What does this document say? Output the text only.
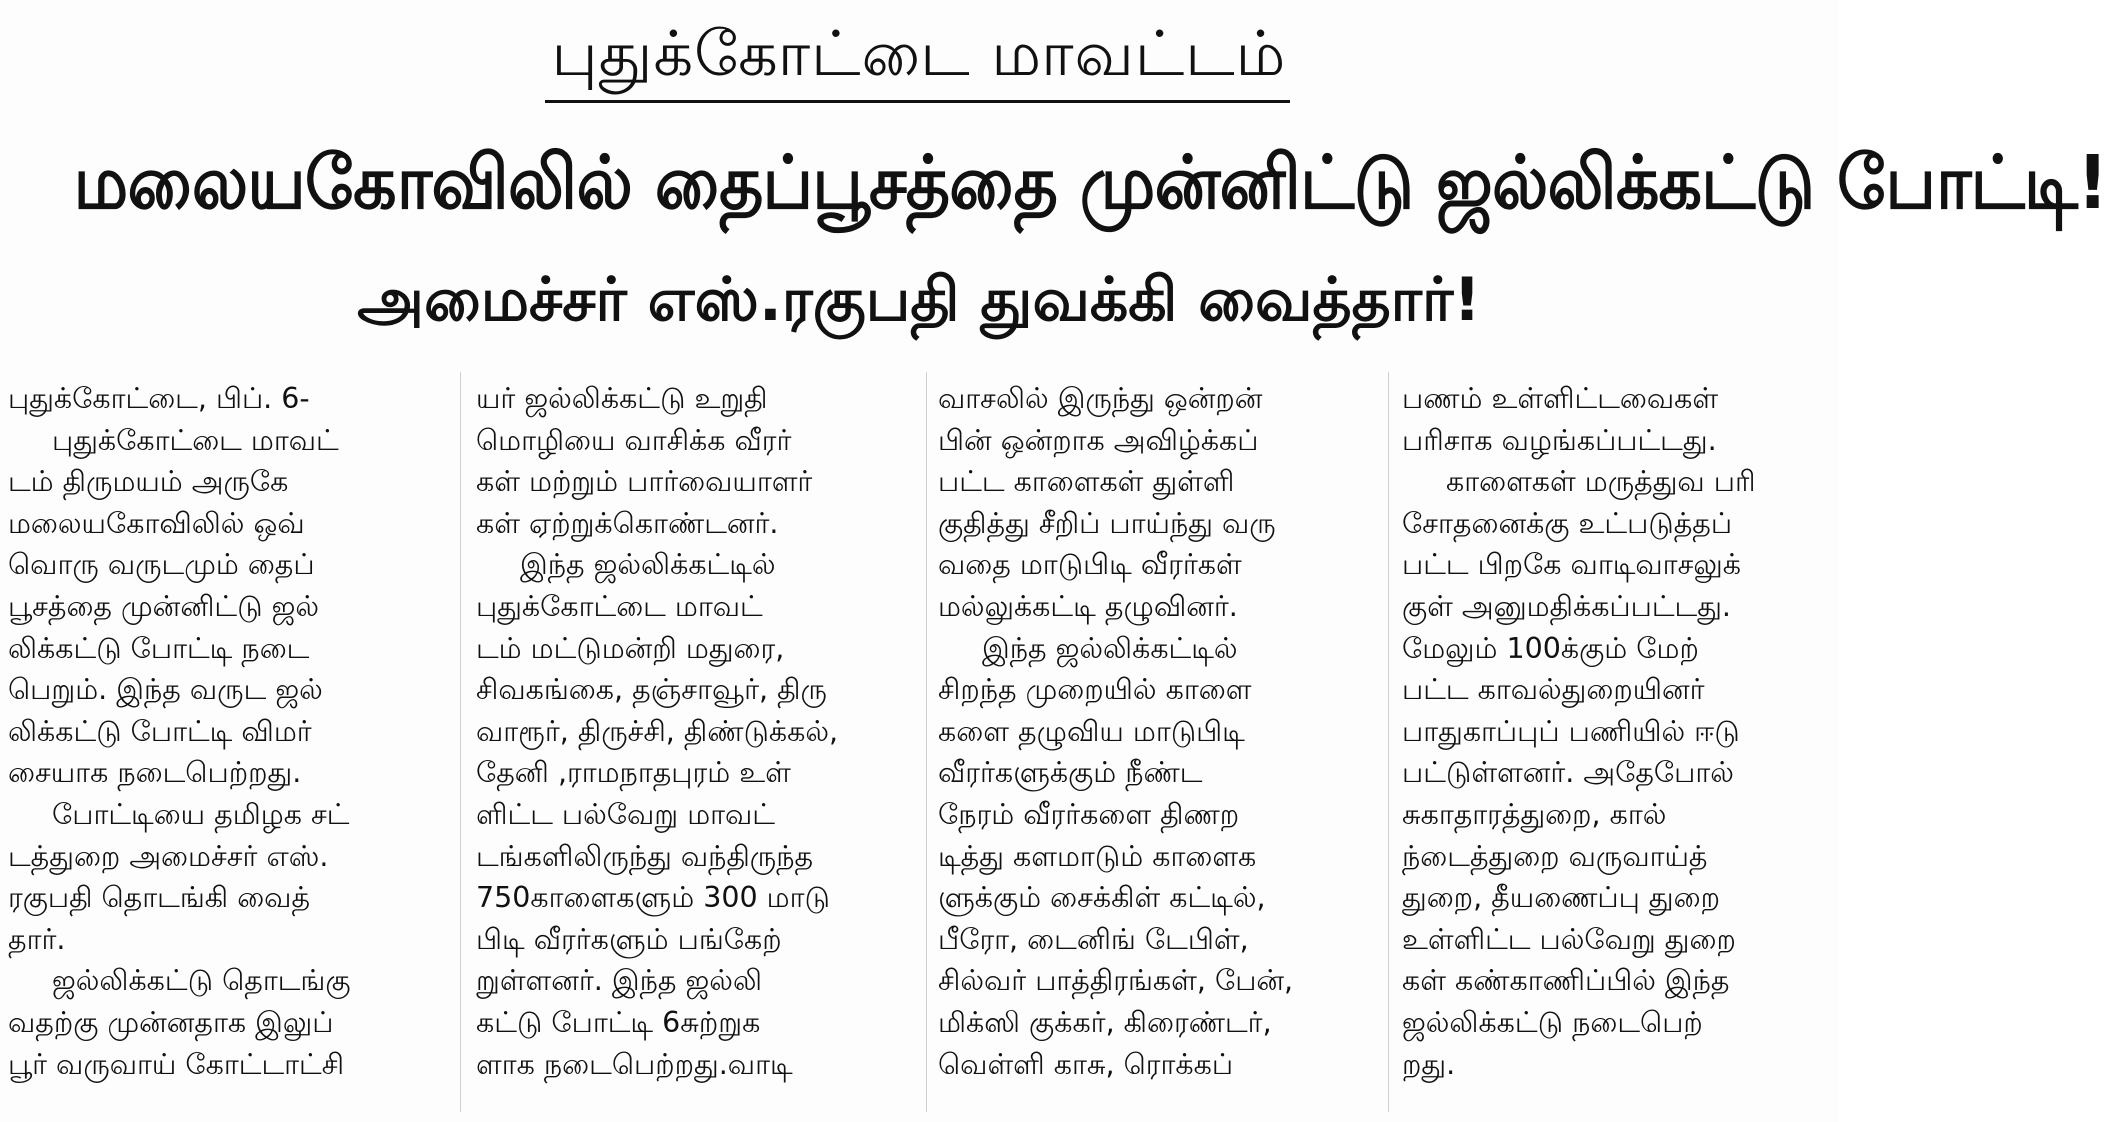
புதுக்கோட்டை மாவட்டம்
மலையகோவிலில் தைப்பூசத்தை முன்னிட்டு ஜல்லிக்கட்டு போட்டி!
அமைச்சர் எஸ்.ரகுபதி துவக்கி வைத்தார்!
புதுக்கோட்டை, பிப். 6-
புதுக்கோட்டை மாவட்
டம் திருமயம் அருகே
மலையகோவிலில் ஒவ்
வொரு வருடமும் தைப்
பூசத்தை முன்னிட்டு ஜல்
லிக்கட்டு போட்டி நடை
பெறும். இந்த வருட ஜல்
லிக்கட்டு போட்டி விமர்
சையாக நடைபெற்றது.
போட்டியை தமிழக சட்
டத்துறை அமைச்சர் எஸ்.
ரகுபதி தொடங்கி வைத்
தார்.
ஜல்லிக்கட்டு தொடங்கு
வதற்கு முன்னதாக இலுப்
பூர் வருவாய் கோட்டாட்சி
யர் ஜல்லிக்கட்டு உறுதி
மொழியை வாசிக்க வீரர்
கள் மற்றும் பார்வையாளர்
கள் ஏற்றுக்கொண்டனர்.
இந்த ஜல்லிக்கட்டில்
புதுக்கோட்டை மாவட்
டம் மட்டுமன்றி மதுரை,
சிவகங்கை, தஞ்சாவூர், திரு
வாரூர், திருச்சி, திண்டுக்கல்,
தேனி ,ராமநாதபுரம் உள்
ளிட்ட பல்வேறு மாவட்
டங்களிலிருந்து வந்திருந்த
750காளைகளும் 300 மாடு
பிடி வீரர்களும் பங்கேற்
றுள்ளனர். இந்த ஜல்லி
கட்டு போட்டி 6சுற்றுக
ளாக நடைபெற்றது.வாடி
வாசலில் இருந்து ஒன்றன்
பின் ஒன்றாக அவிழ்க்கப்
பட்ட காளைகள் துள்ளி
குதித்து சீறிப் பாய்ந்து வரு
வதை மாடுபிடி வீரர்கள்
மல்லுக்கட்டி தழுவினர்.
இந்த ஜல்லிக்கட்டில்
சிறந்த முறையில் காளை
களை தழுவிய மாடுபிடி
வீரர்களுக்கும் நீண்ட
நேரம் வீரர்களை திணற
டித்து களமாடும் காளைக
ளுக்கும் சைக்கிள் கட்டில்,
பீரோ, டைனிங் டேபிள்,
சில்வர் பாத்திரங்கள், பேன்,
மிக்ஸி குக்கர், கிரைண்டர்,
வெள்ளி காசு, ரொக்கப்
பணம் உள்ளிட்டவைகள்
பரிசாக வழங்கப்பட்டது.
காளைகள் மருத்துவ பரி
சோதனைக்கு உட்படுத்தப்
பட்ட பிறகே வாடிவாசலுக்
குள் அனுமதிக்கப்பட்டது.
மேலும் 100க்கும் மேற்
பட்ட காவல்துறையினர்
பாதுகாப்புப் பணியில் ஈடு
பட்டுள்ளனர். அதேபோல்
சுகாதாரத்துறை, கால்
ந்டைத்துறை வருவாய்த்
துறை, தீயணைப்பு துறை
உள்ளிட்ட பல்வேறு துறை
கள் கண்காணிப்பில் இந்த
ஜல்லிக்கட்டு நடைபெற்
றது.
